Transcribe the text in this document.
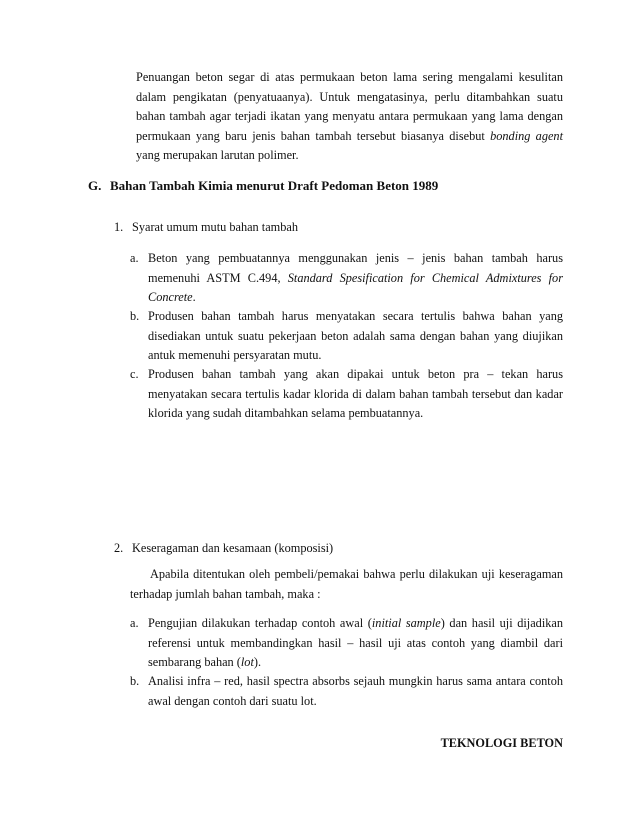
Penuangan beton segar di atas permukaan beton lama sering mengalami kesulitan dalam pengikatan (penyatuaanya). Untuk mengatasinya, perlu ditambahkan suatu bahan tambah agar terjadi ikatan yang menyatu antara permukaan yang lama dengan permukaan yang baru jenis bahan tambah tersebut biasanya disebut bonding agent yang merupakan larutan polimer.

G. Bahan Tambah Kimia menurut Draft Pedoman Beton 1989
1. Syarat umum mutu bahan tambah
a. Beton yang pembuatannya menggunakan jenis – jenis bahan tambah harus memenuhi ASTM C.494, Standard Spesification for Chemical Admixtures for Concrete.

b. Produsen bahan tambah harus menyatakan secara tertulis bahwa bahan yang disediakan untuk suatu pekerjaan beton adalah sama dengan bahan yang diujikan antuk memenuhi persyaratan mutu.

c. Produsen bahan tambah yang akan dipakai untuk beton pra – tekan harus menyatakan secara tertulis kadar klorida di dalam bahan tambah tersebut dan kadar klorida yang sudah ditambahkan selama pembuatannya.

2. Keseragaman dan kesamaan (komposisi)

Apabila ditentukan oleh pembeli/pemakai bahwa perlu dilakukan uji keseragaman terhadap jumlah bahan tambah, maka :

a. Pengujian dilakukan terhadap contoh awal (initial sample) dan hasil uji dijadikan referensi untuk membandingkan hasil – hasil uji atas contoh yang diambil dari sembarang bahan (lot).

b. Analisi infra – red, hasil spectra absorbs sejauh mungkin harus sama antara contoh awal dengan contoh dari suatu lot.

TEKNOLOGI BETON
